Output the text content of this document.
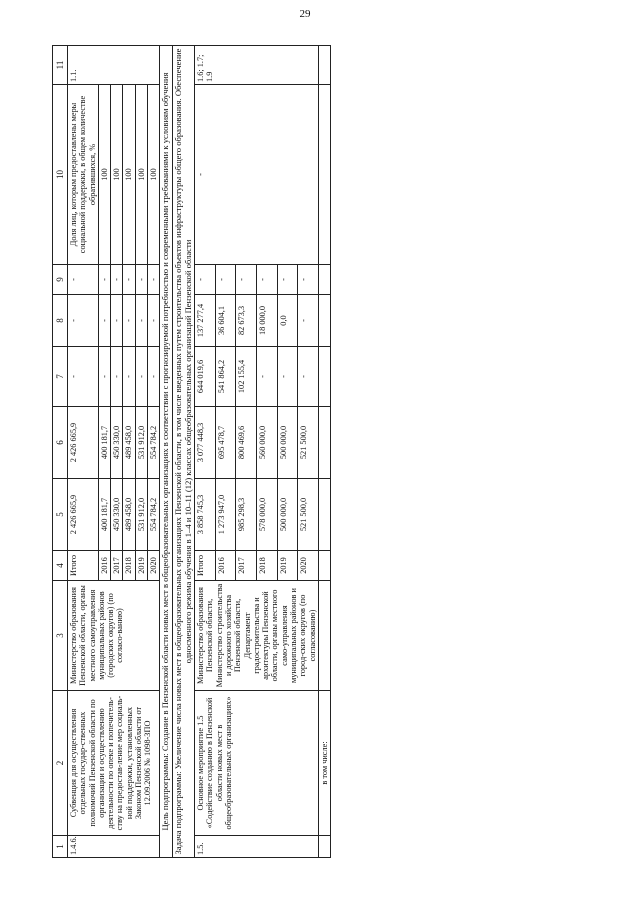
29
1	2	3	4	5	6	7	8	9	10	11
1.4.6.	Субвенция для осуществления отдельных государ-ственных полномочий Пензенской области по организации и осуществлению деятельности по опеке и попечитель-ству на предостав-ление мер социаль-ной поддержки, установленных Законом Пензенской области от 12.09.2006 № 1098-ЗПО	Министерство образования Пензенской области, органы местного самоуправления муниципальных районов (городских округов) (по согласо-ванию)	Итого	2 426 665,9	2 426 665,9	-	-	-	Доля лиц, которым предоставлены меры социальной поддержки, в общем количестве обратившихся, %	1.1.
			2016	400 181,7	400 181,7	-	-	-	100	
			2017	450 330,0	450 330,0	-	-	-	100	
			2018	489 458,0	489 458,0	-	-	-	100	
			2019	531 912,0	531 912,0	-	-	-	100	
			2020	554 784,2	554 784,2	-	-	-	100	
Цель подпрограммы: Создание в Пензенской области новых мест в общеобразовательных организациях в соответствии с прогнозируемой потребностью и современными требованиями к условиям обучения										
Задача подпрограммы: Увеличение числа новых мест в общеобразовательных организациях Пензенской области, в том числе введенных путем строительства объектов инфраструктуры общего образования. Обеспечение односменного режима обучения в 1–4 и 10–11 (12) классах общеобразовательных организаций Пензенской области										
1.5.	Основное мероприятие 1.5 «Содействие созданию в Пензенской области новых мест в общеобразовательных организациях»	Министерство образования Пензенской области, Министерство строительства и дорожного хозяйства Пензенской области, Департамент градостроительства и архитектуры Пензенской области, органы местного само-управления муниципальных районов и город-ских округов (по согласованию)	Итого	3 858 745,3	3 077 448,3	644 019,6	137 277,4	-	-	1.6; 1.7; 1.9
			2016	1 273 947,0	695 478,7	541 864,2	36 604,1	-		
			2017	985 298,3	800 469,6	102 155,4	82 673,3	-		
			2018	578 000,0	560 000,0	-	18 000,0	-		
			2019	500 000,0	500 000,0	-	0,0	-		
			2020	521 500,0	521 500,0	-	-	-		
	в том числе:									
